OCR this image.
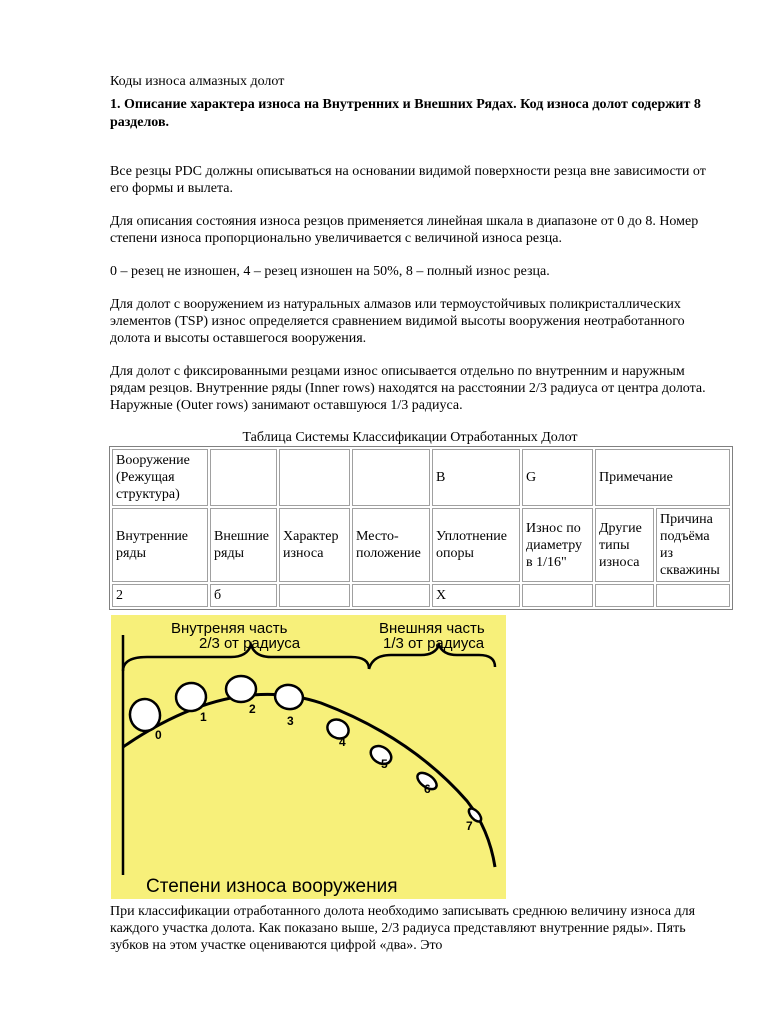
Коды износа алмазных долот

1. Описание характера износа на Внутренних и Внешних Рядах. Код износа долот содержит 8 разделов.

Все резцы PDC должны описываться на основании видимой поверхности резца вне зависимости от его формы и вылета.

Для описания состояния износа резцов применяется линейная шкала в диапазоне от 0 до 8. Номер степени износа пропорционально увеличивается с величиной износа резца.

0 – резец не изношен, 4 – резец изношен на 50%, 8 – полный износ резца.

Для долот с вооружением из натуральных алмазов или термоустойчивых поликристаллических элементов (TSP) износ определяется сравнением видимой высоты вооружения неотработанного долота и высоты оставшегося вооружения.

Для долот с фиксированными резцами износ описывается отдельно по внутренним и наружным рядам резцов. Внутренние ряды (Inner rows) находятся на расстоянии 2/3 радиуса от центра долота. Наружные (Outer rows) занимают оставшуюся 1/3 радиуса.

Таблица Системы Классификации Отработанных Долот
Вооружение (Режущая структура)				B	G	Примечание	
Внутренние ряды	Внешние ряды	Характер износа	Место-положение	Уплотнение опоры	Износ по диаметру в 1/16"	Другие типы износа	Причина подъёма из скважины
2	б			X			
Внутреняя часть
2/3 от радиуса
Внешняя часть
1/3 от радиуса
0
1
2
3
4
5
6
7
Степени износа вооружения

При классификации отработанного долота необходимо записывать среднюю величину износа для каждого участка долота. Как показано выше, 2/3 радиуса представляют внутренние ряды». Пять зубков на этом участке оцениваются цифрой «два». Это
